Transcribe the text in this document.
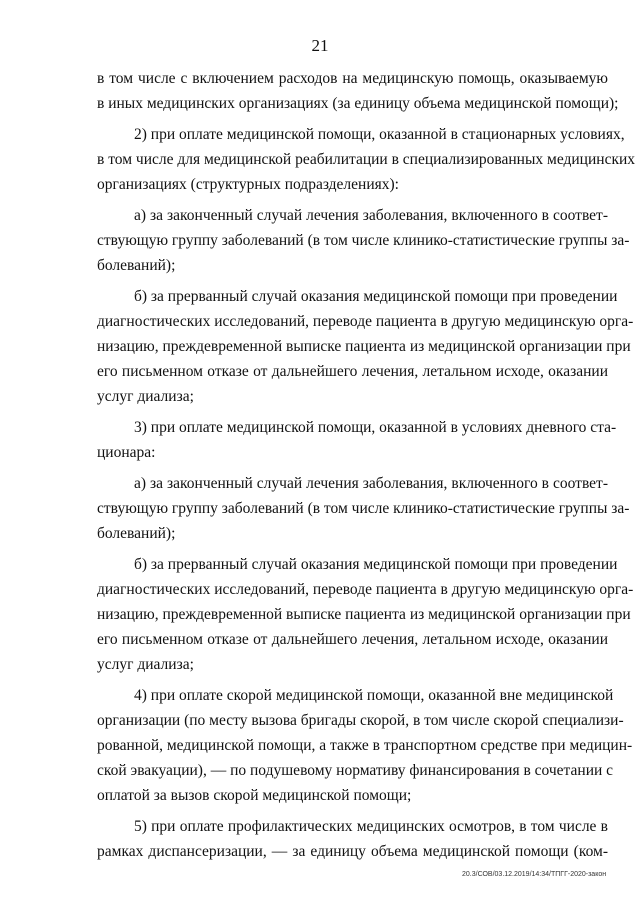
21
в том числе с включением расходов на медицинскую помощь, оказываемую
в иных медицинских организациях (за единицу объема медицинской помощи);
2) при оплате медицинской помощи, оказанной в стационарных условиях,
в том числе для медицинской реабилитации в специализированных медицинских
организациях (структурных подразделениях):
а) за законченный случай лечения заболевания, включенного в соответ-
ствующую группу заболеваний (в том числе клинико-статистические группы за-
болеваний);
б) за прерванный случай оказания медицинской помощи при проведении
диагностических исследований, переводе пациента в другую медицинскую орга-
низацию, преждевременной выписке пациента из медицинской организации при
его письменном отказе от дальнейшего лечения, летальном исходе, оказании
услуг диализа;
3) при оплате медицинской помощи, оказанной в условиях дневного ста-
ционара:
а) за законченный случай лечения заболевания, включенного в соответ-
ствующую группу заболеваний (в том числе клинико-статистические группы за-
болеваний);
б) за прерванный случай оказания медицинской помощи при проведении
диагностических исследований, переводе пациента в другую медицинскую орга-
низацию, преждевременной выписке пациента из медицинской организации при
его письменном отказе от дальнейшего лечения, летальном исходе, оказании
услуг диализа;
4) при оплате скорой медицинской помощи, оказанной вне медицинской
организации (по месту вызова бригады скорой, в том числе скорой специализи-
рованной, медицинской помощи, а также в транспортном средстве при медицин-
ской эвакуации), — по подушевому нормативу финансирования в сочетании с
оплатой за вызов скорой медицинской помощи;
5) при оплате профилактических медицинских осмотров, в том числе в
рамках диспансеризации, — за единицу объема медицинской помощи (ком-
20.3/СОВ/03.12.2019/14:34/ТПГГ-2020-закон
